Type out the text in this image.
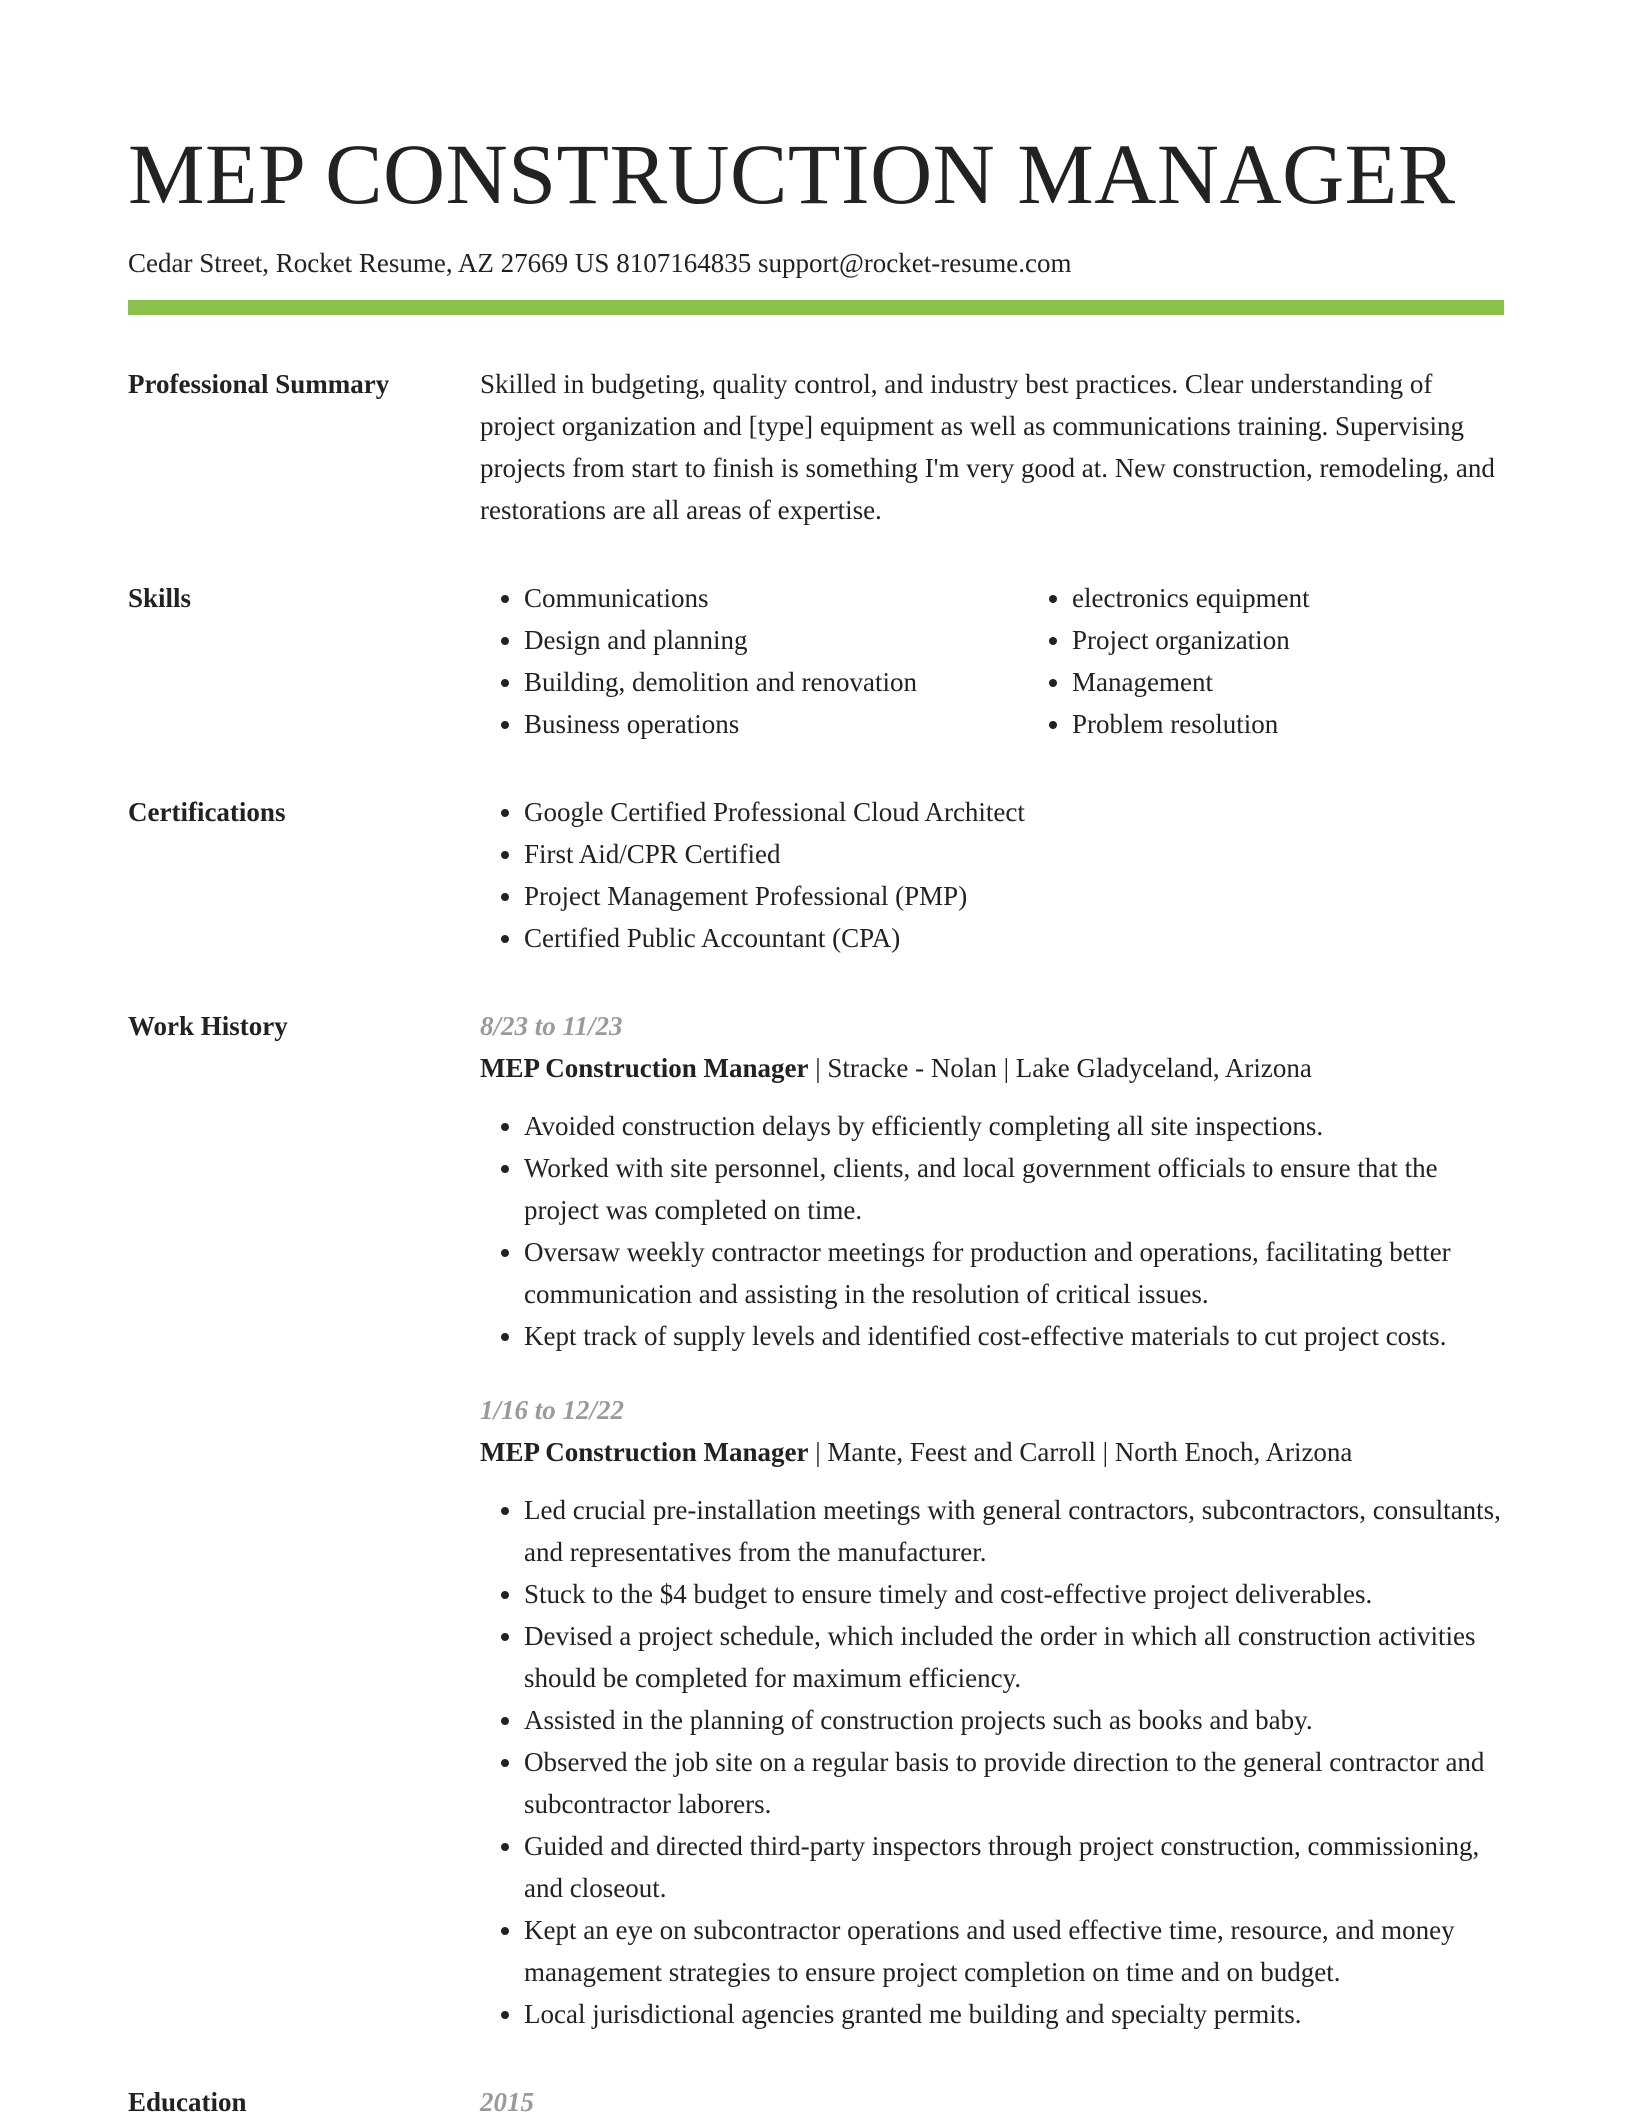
MEP CONSTRUCTION MANAGER
Cedar Street, Rocket Resume, AZ 27669 US 8107164835 support@rocket-resume.com
Professional Summary	Skilled in budgeting, quality control, and industry best practices. Clear understanding of project organization and [type] equipment as well as communications training. Supervising projects from start to finish is something I'm very good at. New construction, remodeling, and restorations are all areas of expertise.

Skills	• Communications
• Design and planning
• Building, demolition and renovation
• Business operations
• electronics equipment
• Project organization
• Management
• Problem resolution
Certifications	• Google Certified Professional Cloud Architect
• First Aid/CPR Certified
• Project Management Professional (PMP)
• Certified Public Accountant (CPA)
Work History	8/23 to 11/23
MEP Construction Manager | Stracke - Nolan | Lake Gladyceland, Arizona
• Avoided construction delays by efficiently completing all site inspections.
• Worked with site personnel, clients, and local government officials to ensure that the project was completed on time.
• Oversaw weekly contractor meetings for production and operations, facilitating better communication and assisting in the resolution of critical issues.
• Kept track of supply levels and identified cost-effective materials to cut project costs.
1/16 to 12/22
MEP Construction Manager | Mante, Feest and Carroll | North Enoch, Arizona
• Led crucial pre-installation meetings with general contractors, subcontractors, consultants, and representatives from the manufacturer.
• Stuck to the $4 budget to ensure timely and cost-effective project deliverables.
• Devised a project schedule, which included the order in which all construction activities should be completed for maximum efficiency.
• Assisted in the planning of construction projects such as books and baby.
• Observed the job site on a regular basis to provide direction to the general contractor and subcontractor laborers.
• Guided and directed third-party inspectors through project construction, commissioning, and closeout.
• Kept an eye on subcontractor operations and used effective time, resource, and money management strategies to ensure project completion on time and on budget.
• Local jurisdictional agencies granted me building and specialty permits.
Education	2015
